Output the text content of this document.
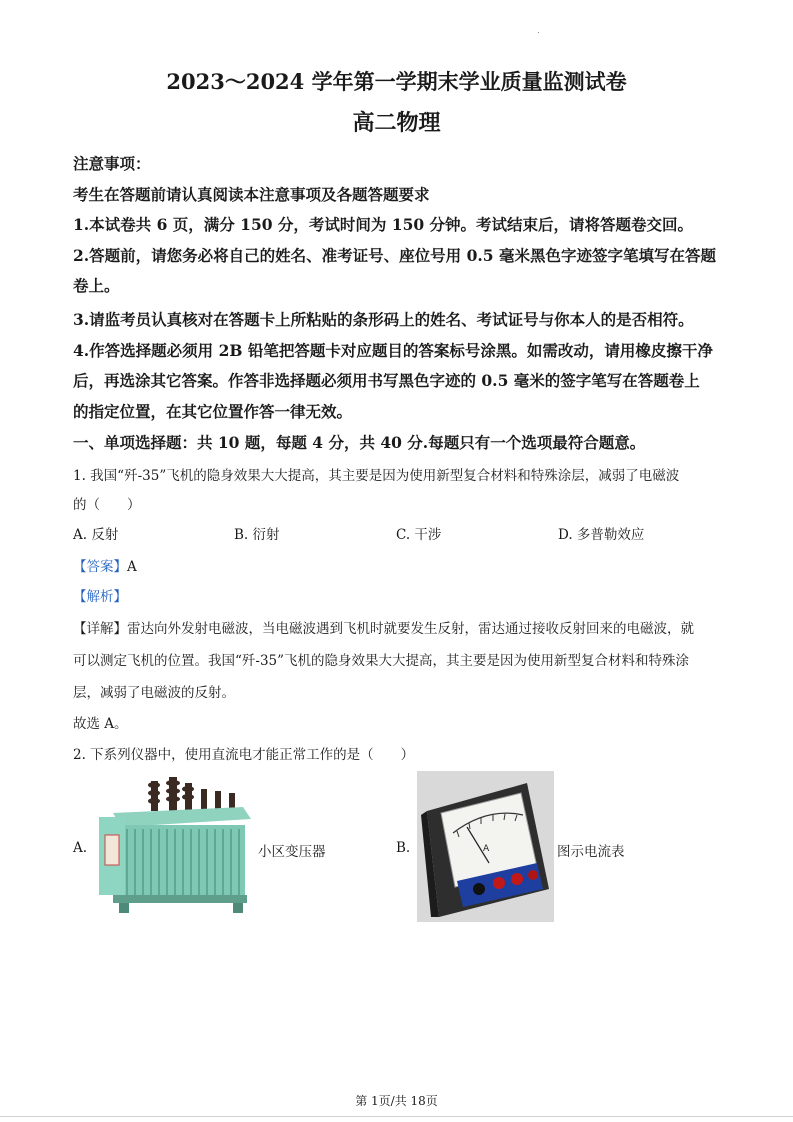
2023～2024 学年第一学期末学业质量监测试卷
高二物理
注意事项：
考生在答题前请认真阅读本注意事项及各题答题要求
1.本试卷共 6 页，满分 150 分，考试时间为 150 分钟。考试结束后，请将答题卷交回。
2.答题前，请您务必将自己的姓名、准考证号、座位号用 0.5 毫米黑色字迹签字笔填写在答题
卷上。
3.请监考员认真核对在答题卡上所粘贴的条形码上的姓名、考试证号与你本人的是否相符。
4.作答选择题必须用 2B 铅笔把答题卡对应题目的答案标号涂黑。如需改动，请用橡皮擦干净
后，再选涂其它答案。作答非选择题必须用书写黑色字迹的 0.5 毫米的签字笔写在答题卷上
的指定位置，在其它位置作答一律无效。
一、单项选择题：共 10 题，每题 4 分，共 40 分.每题只有一个选项最符合题意。
1. 我国“歼-35”飞机的隐身效果大大提高，其主要是因为使用新型复合材料和特殊涂层，减弱了电磁波
的（　　）
A. 反射	B. 衍射	C. 干涉	D. 多普勒效应
【答案】A
【解析】
【详解】雷达向外发射电磁波，当电磁波遇到飞机时就要发生反射，雷达通过接收反射回来的电磁波，就
可以测定飞机的位置。我国“歼-35”飞机的隐身效果大大提高，其主要是因为使用新型复合材料和特殊涂
层，减弱了电磁波的反射。
故选 A。
2. 下系列仪器中，使用直流电才能正常工作的是（　　）
A.	小区变压器	B.	A	图示电流表
第 1页/共 18页
